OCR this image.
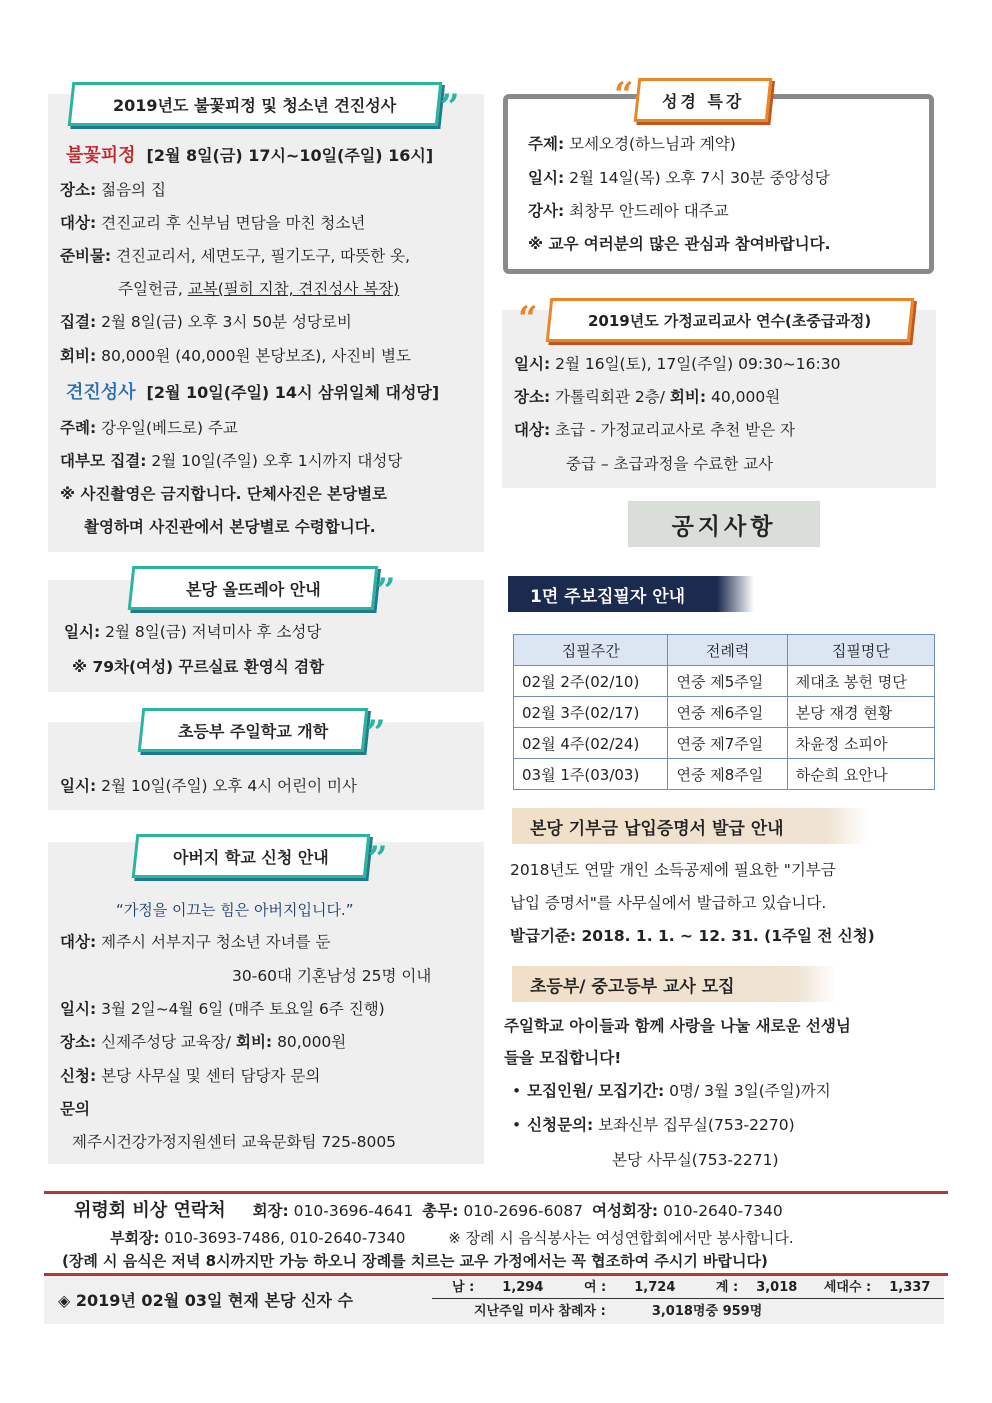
2019년도 불꽃피정 및 청소년 견진성사 ”
불꽃피정 [2월 8일(금) 17시~10일(주일) 16시]
장소: 젊음의 집
대상: 견진교리 후 신부님 면담을 마친 청소년
준비물: 견진교리서, 세면도구, 필기도구, 따뜻한 옷,
주일헌금, 교복(필히 지참, 견진성사 복장)
집결: 2월 8일(금) 오후 3시 50분 성당로비
회비: 80,000원 (40,000원 본당보조), 사진비 별도
견진성사 [2월 10일(주일) 14시 삼위일체 대성당]
주례: 강우일(베드로) 주교
대부모 집결: 2월 10일(주일) 오후 1시까지 대성당
※ 사진촬영은 금지합니다. 단체사진은 본당별로
촬영하며 사진관에서 본당별로 수령합니다.
본당 올뜨레아 안내 ”
일시: 2월 8일(금) 저녁미사 후 소성당
※ 79차(여성) 꾸르실료 환영식 겸함
초등부 주일학교 개학 ”
일시: 2월 10일(주일) 오후 4시 어린이 미사
아버지 학교 신청 안내 ”
“가정을 이끄는 힘은 아버지입니다.”
대상: 제주시 서부지구 청소년 자녀를 둔
30-60대 기혼남성 25명 이내
일시: 3월 2일~4월 6일 (매주 토요일 6주 진행)
장소: 신제주성당 교육장/ 회비: 80,000원
신청: 본당 사무실 및 센터 담당자 문의
문의
제주시건강가정지원센터 교육문화팀 725-8005
성경 특강
“
주제: 모세오경(하느님과 계약)
일시: 2월 14일(목) 오후 7시 30분 중앙성당
강사: 최창무 안드레아 대주교
※ 교우 여러분의 많은 관심과 참여바랍니다.
2019년도 가정교리교사 연수(초중급과정)
“
일시: 2월 16일(토), 17일(주일) 09:30~16:30
장소: 가톨릭회관 2층/ 회비: 40,000원
대상: 초급 - 가정교리교사로 추천 받은 자
중급 – 초급과정을 수료한 교사
공지사항
1면 주보집필자 안내
집필주간	전례력	집필명단
02월 2주(02/10)	연중 제5주일	제대초 봉헌 명단
02월 3주(02/17)	연중 제6주일	본당 재경 현황
02월 4주(02/24)	연중 제7주일	차윤정 소피아
03월 1주(03/03)	연중 제8주일	하순희 요안나
본당 기부금 납입증명서 발급 안내
2018년도 연말 개인 소득공제에 필요한 "기부금
납입 증명서"를 사무실에서 발급하고 있습니다.
발급기준: 2018. 1. 1. ~ 12. 31. (1주일 전 신청)
초등부/ 중고등부 교사 모집
주일학교 아이들과 함께 사랑을 나눌 새로운 선생님
들을 모집합니다!
• 모집인원/ 모집기간: 0명/ 3월 3일(주일)까지
• 신청문의: 보좌신부 집무실(753-2270)
본당 사무실(753-2271)
위령회 비상 연락처 회장: 010-3696-4641 총무: 010-2696-6087 여성회장: 010-2640-7340
부회장: 010-3693-7486, 010-2640-7340	※ 장례 시 음식봉사는 여성연합회에서만 봉사합니다.
(장례 시 음식은 저녁 8시까지만 가능 하오니 장례를 치르는 교우 가정에서는 꼭 협조하여 주시기 바랍니다)
◈ 2019년 02월 03일 현재 본당 신자 수
남 : 1,294	여 : 1,724	계 : 3,018 세대수 : 1,337
지난주일 미사 참례자 :	3,018명중 959명
